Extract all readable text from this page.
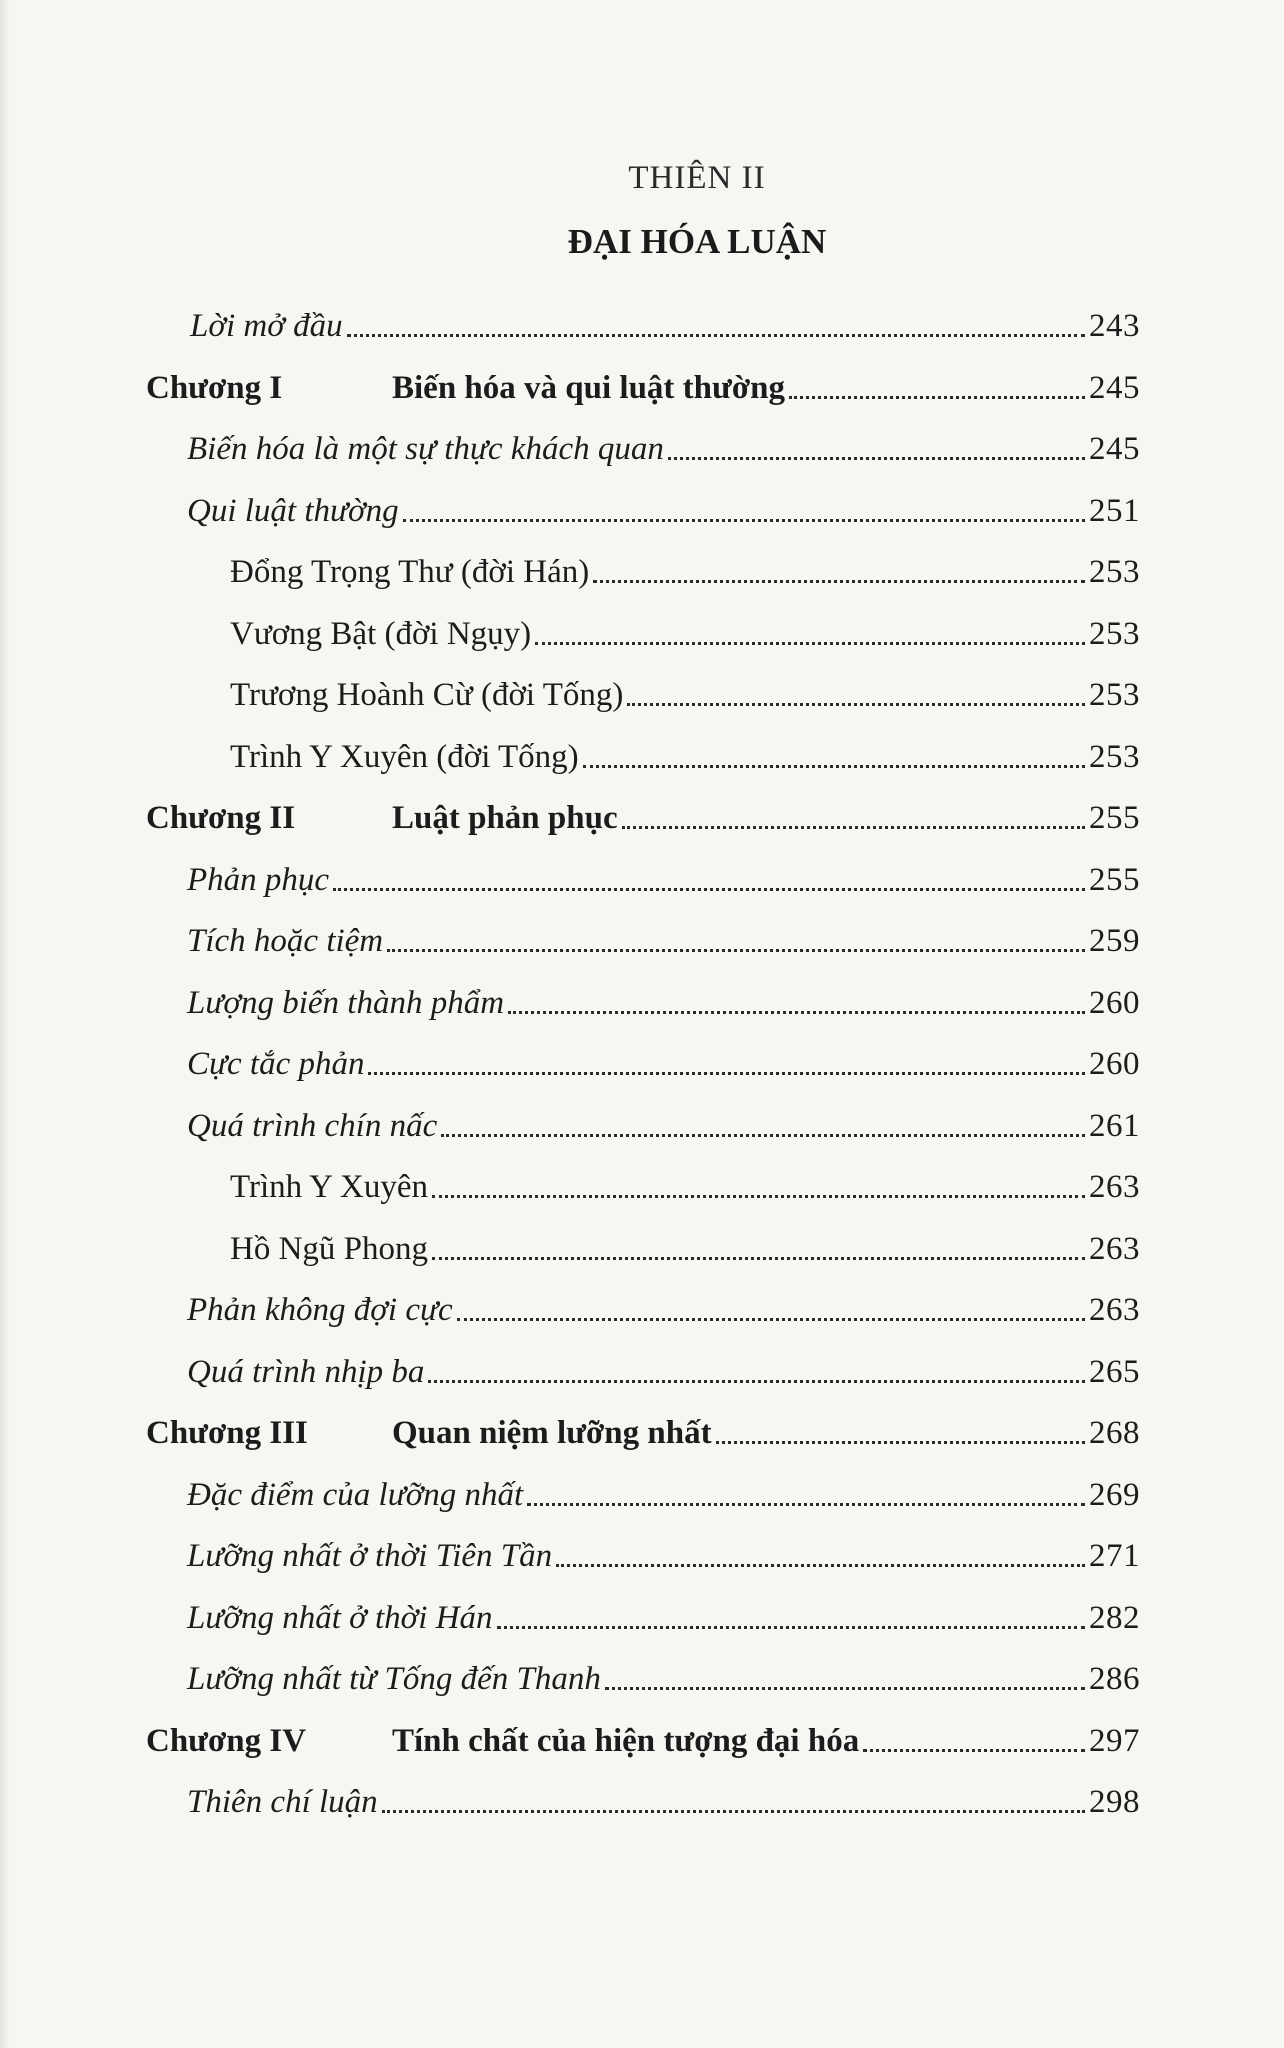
THIÊN II
ĐẠI HÓA LUẬN
Lời mở đầu	243
Chương I	Biến hóa và qui luật thường	245
Biến hóa là một sự thực khách quan	245
Qui luật thường	251
Đổng Trọng Thư (đời Hán)	253
Vương Bật (đời Ngụy)	253
Trương Hoành Cừ (đời Tống)	253
Trình Y Xuyên (đời Tống)	253
Chương II	Luật phản phục	255
Phản phục	255
Tích hoặc tiệm	259
Lượng biến thành phẩm	260
Cực tắc phản	260
Quá trình chín nấc	261
Trình Y Xuyên	263
Hồ Ngũ Phong	263
Phản không đợi cực	263
Quá trình nhịp ba	265
Chương III	Quan niệm lưỡng nhất	268
Đặc điểm của lưỡng nhất	269
Lưỡng nhất ở thời Tiên Tần	271
Lưỡng nhất ở thời Hán	282
Lưỡng nhất từ Tống đến Thanh	286
Chương IV	Tính chất của hiện tượng đại hóa	297
Thiên chí luận	298
